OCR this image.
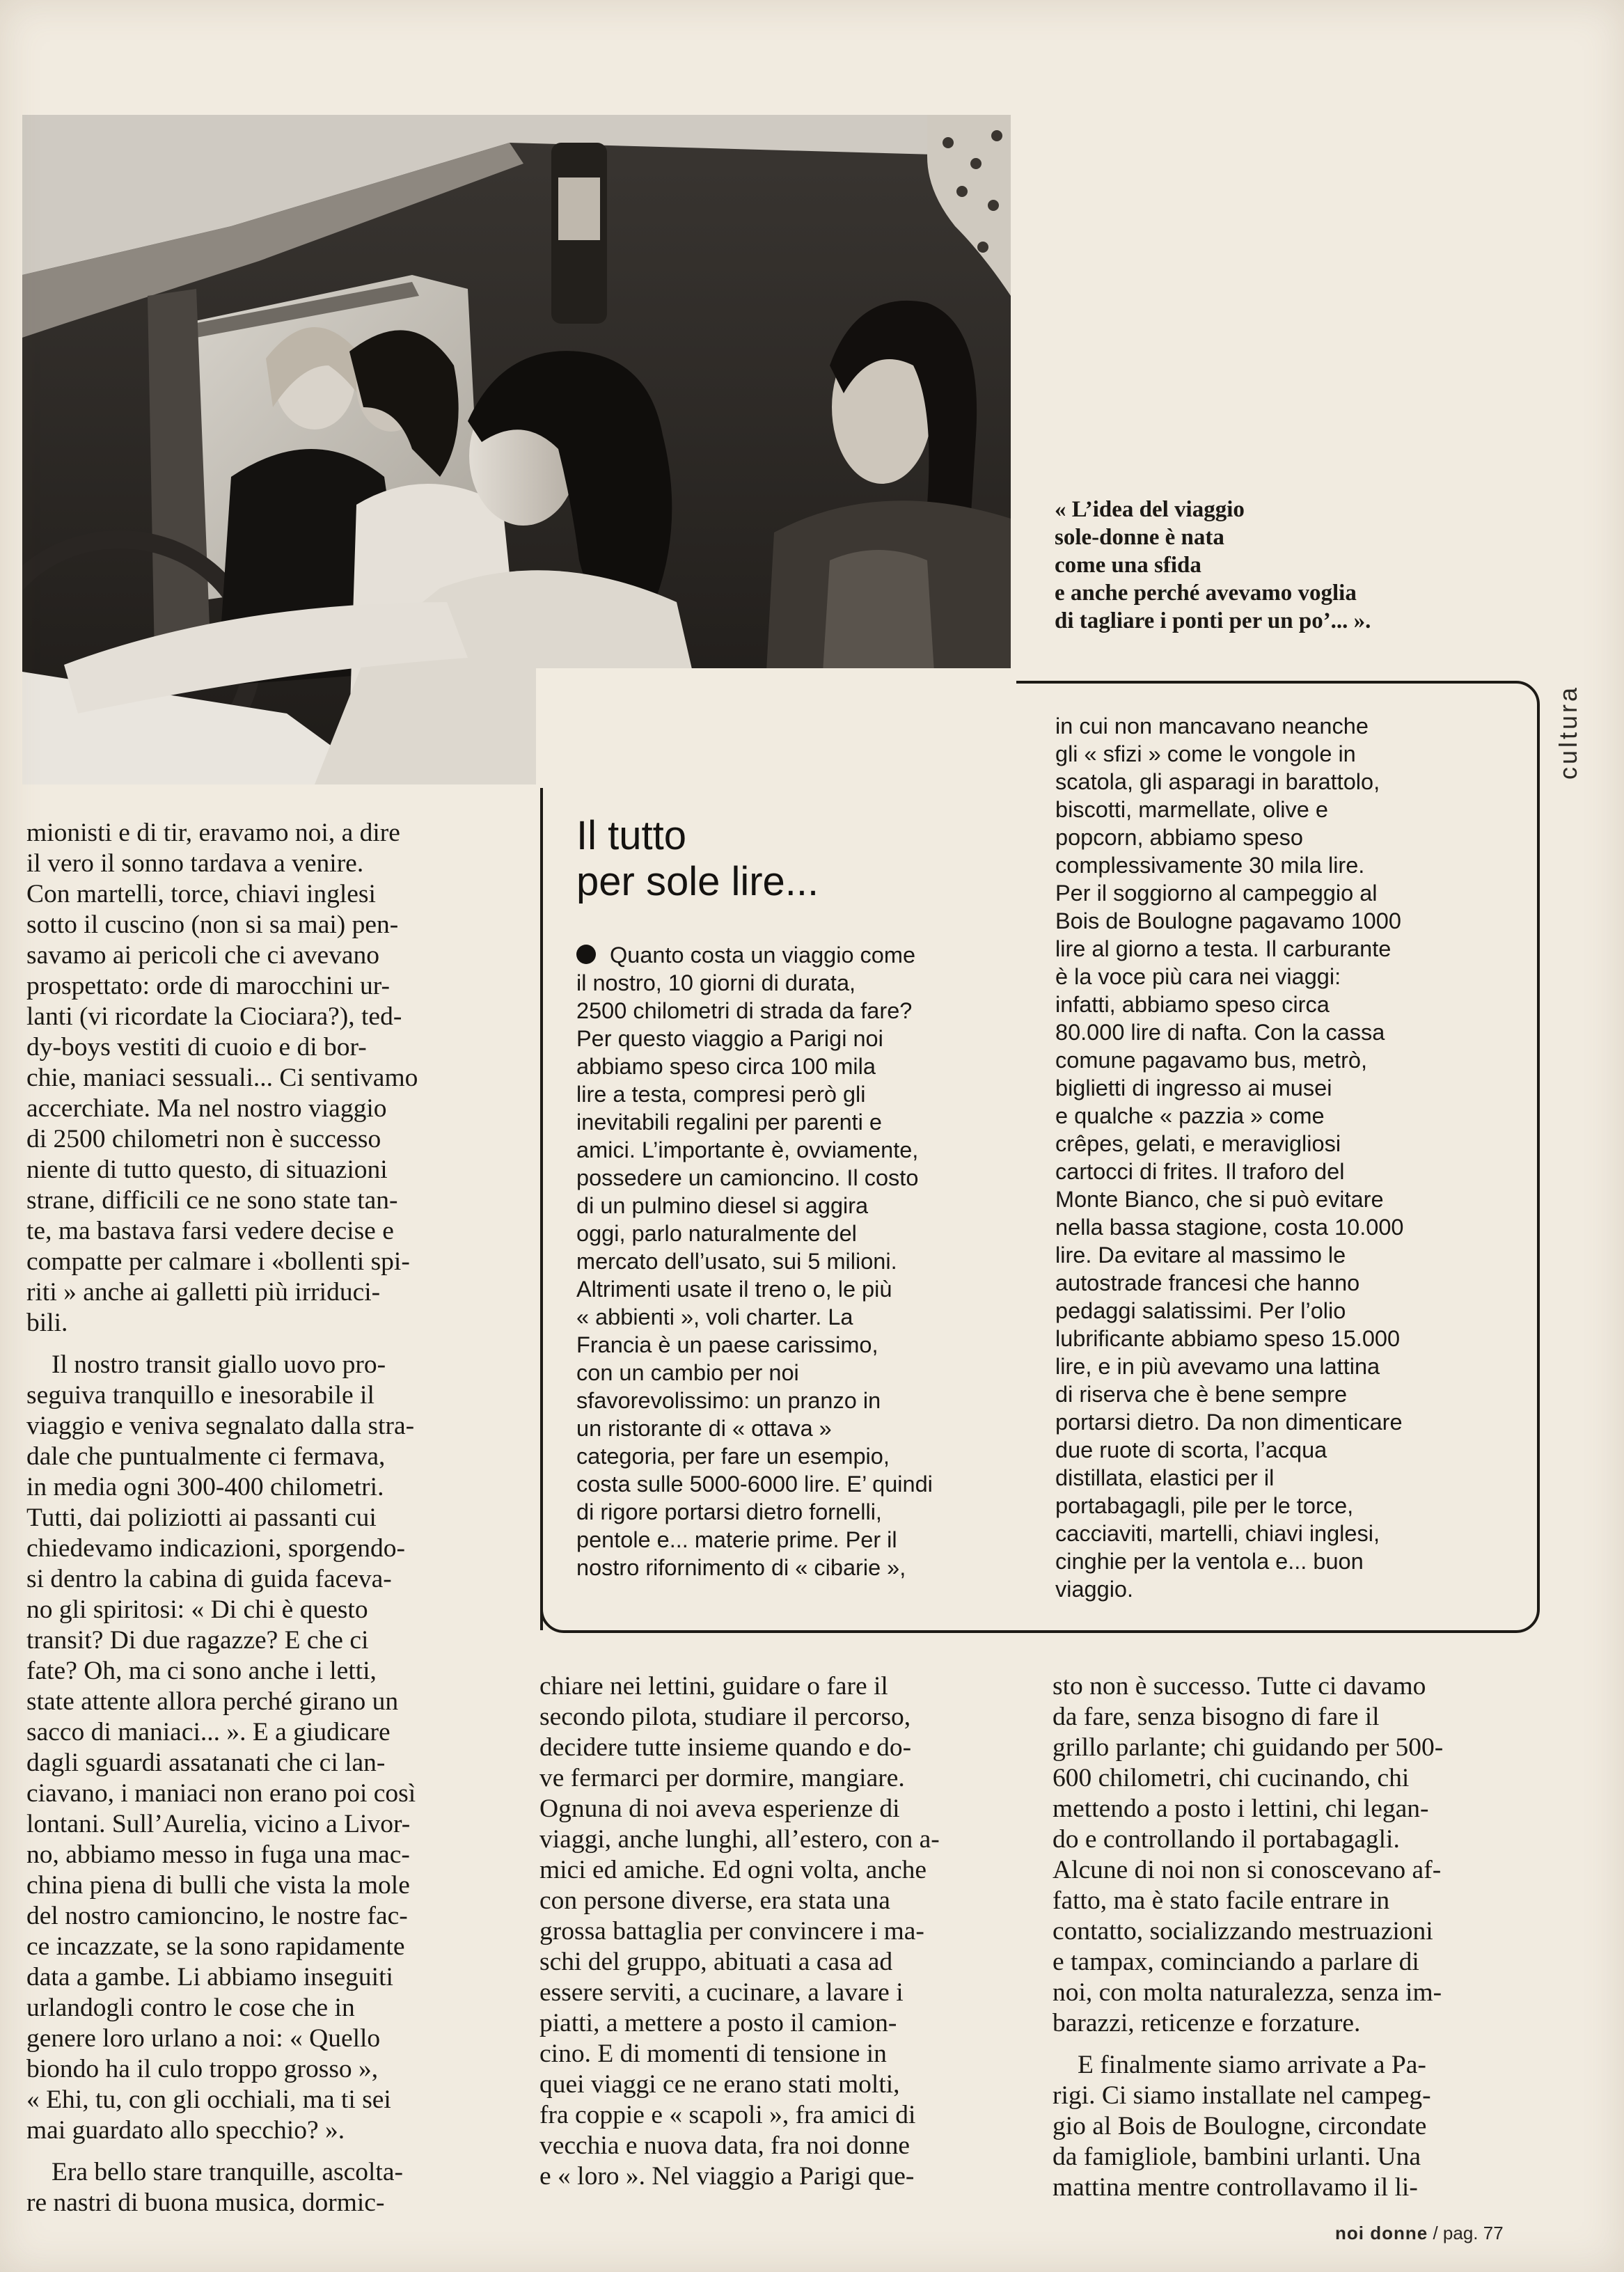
« L’idea del viaggio
sole-donne è nata
come una sfida
e anche perché avevamo voglia
di tagliare i ponti per un po’... ».
cultura
Il tutto
per sole lire...
Quanto costa un viaggio come
il nostro, 10 giorni di durata,
2500 chilometri di strada da fare?
Per questo viaggio a Parigi noi
abbiamo speso circa 100 mila
lire a testa, compresi però gli
inevitabili regalini per parenti e
amici. L’importante è, ovviamente,
possedere un camioncino. Il costo
di un pulmino diesel si aggira
oggi, parlo naturalmente del
mercato dell’usato, sui 5 milioni.
Altrimenti usate il treno o, le più
« abbienti », voli charter. La
Francia è un paese carissimo,
con un cambio per noi
sfavorevolissimo: un pranzo in
un ristorante di « ottava »
categoria, per fare un esempio,
costa sulle 5000-6000 lire. E’ quindi
di rigore portarsi dietro fornelli,
pentole e... materie prime. Per il
nostro rifornimento di « cibarie »,
in cui non mancavano neanche
gli « sfizi » come le vongole in
scatola, gli asparagi in barattolo,
biscotti, marmellate, olive e
popcorn, abbiamo speso
complessivamente 30 mila lire.
Per il soggiorno al campeggio al
Bois de Boulogne pagavamo 1000
lire al giorno a testa. Il carburante
è la voce più cara nei viaggi:
infatti, abbiamo speso circa
80.000 lire di nafta. Con la cassa
comune pagavamo bus, metrò,
biglietti di ingresso ai musei
e qualche « pazzia » come
crêpes, gelati, e meravigliosi
cartocci di frites. Il traforo del
Monte Bianco, che si può evitare
nella bassa stagione, costa 10.000
lire. Da evitare al massimo le
autostrade francesi che hanno
pedaggi salatissimi. Per l’olio
lubrificante abbiamo speso 15.000
lire, e in più avevamo una lattina
di riserva che è bene sempre
portarsi dietro. Da non dimenticare
due ruote di scorta, l’acqua
distillata, elastici per il
portabagagli, pile per le torce,
cacciaviti, martelli, chiavi inglesi,
cinghie per la ventola e... buon
viaggio.

mionisti e di tir, eravamo noi, a dire

il vero il sonno tardava a venire.

Con martelli, torce, chiavi inglesi

sotto il cuscino (non si sa mai) pen-

savamo ai pericoli che ci avevano

prospettato: orde di marocchini ur-

lanti (vi ricordate la Ciociara?), ted-

dy-boys vestiti di cuoio e di bor-

chie, maniaci sessuali... Ci sentivamo

accerchiate. Ma nel nostro viaggio

di 2500 chilometri non è successo

niente di tutto questo, di situazioni

strane, difficili ce ne sono state tan-

te, ma bastava farsi vedere decise e

compatte per calmare i «bollenti spi-

riti » anche ai galletti più irriduci-

bili.

Il nostro transit giallo uovo pro-

seguiva tranquillo e inesorabile il

viaggio e veniva segnalato dalla stra-

dale che puntualmente ci fermava,

in media ogni 300-400 chilometri.

Tutti, dai poliziotti ai passanti cui

chiedevamo indicazioni, sporgendo-

si dentro la cabina di guida faceva-

no gli spiritosi: « Di chi è questo

transit? Di due ragazze? E che ci

fate? Oh, ma ci sono anche i letti,

state attente allora perché girano un

sacco di maniaci... ». E a giudicare

dagli sguardi assatanati che ci lan-

ciavano, i maniaci non erano poi così

lontani. Sull’Aurelia, vicino a Livor-

no, abbiamo messo in fuga una mac-

china piena di bulli che vista la mole

del nostro camioncino, le nostre fac-

ce incazzate, se la sono rapidamente

data a gambe. Li abbiamo inseguiti

urlandogli contro le cose che in

genere loro urlano a noi: « Quello

biondo ha il culo troppo grosso »,

« Ehi, tu, con gli occhiali, ma ti sei

mai guardato allo specchio? ».

Era bello stare tranquille, ascolta-

re nastri di buona musica, dormic-

chiare nei lettini, guidare o fare il

secondo pilota, studiare il percorso,

decidere tutte insieme quando e do-

ve fermarci per dormire, mangiare.

Ognuna di noi aveva esperienze di

viaggi, anche lunghi, all’estero, con a-

mici ed amiche. Ed ogni volta, anche

con persone diverse, era stata una

grossa battaglia per convincere i ma-

schi del gruppo, abituati a casa ad

essere serviti, a cucinare, a lavare i

piatti, a mettere a posto il camion-

cino. E di momenti di tensione in

quei viaggi ce ne erano stati molti,

fra coppie e « scapoli », fra amici di

vecchia e nuova data, fra noi donne

e « loro ». Nel viaggio a Parigi que-

sto non è successo. Tutte ci davamo

da fare, senza bisogno di fare il

grillo parlante; chi guidando per 500-

600 chilometri, chi cucinando, chi

mettendo a posto i lettini, chi legan-

do e controllando il portabagagli.

Alcune di noi non si conoscevano af-

fatto, ma è stato facile entrare in

contatto, socializzando mestruazioni

e tampax, cominciando a parlare di

noi, con molta naturalezza, senza im-

barazzi, reticenze e forzature.

E finalmente siamo arrivate a Pa-

rigi. Ci siamo installate nel campeg-

gio al Bois de Boulogne, circondate

da famigliole, bambini urlanti. Una

mattina mentre controllavamo il li-

noi donne / pag. 77
